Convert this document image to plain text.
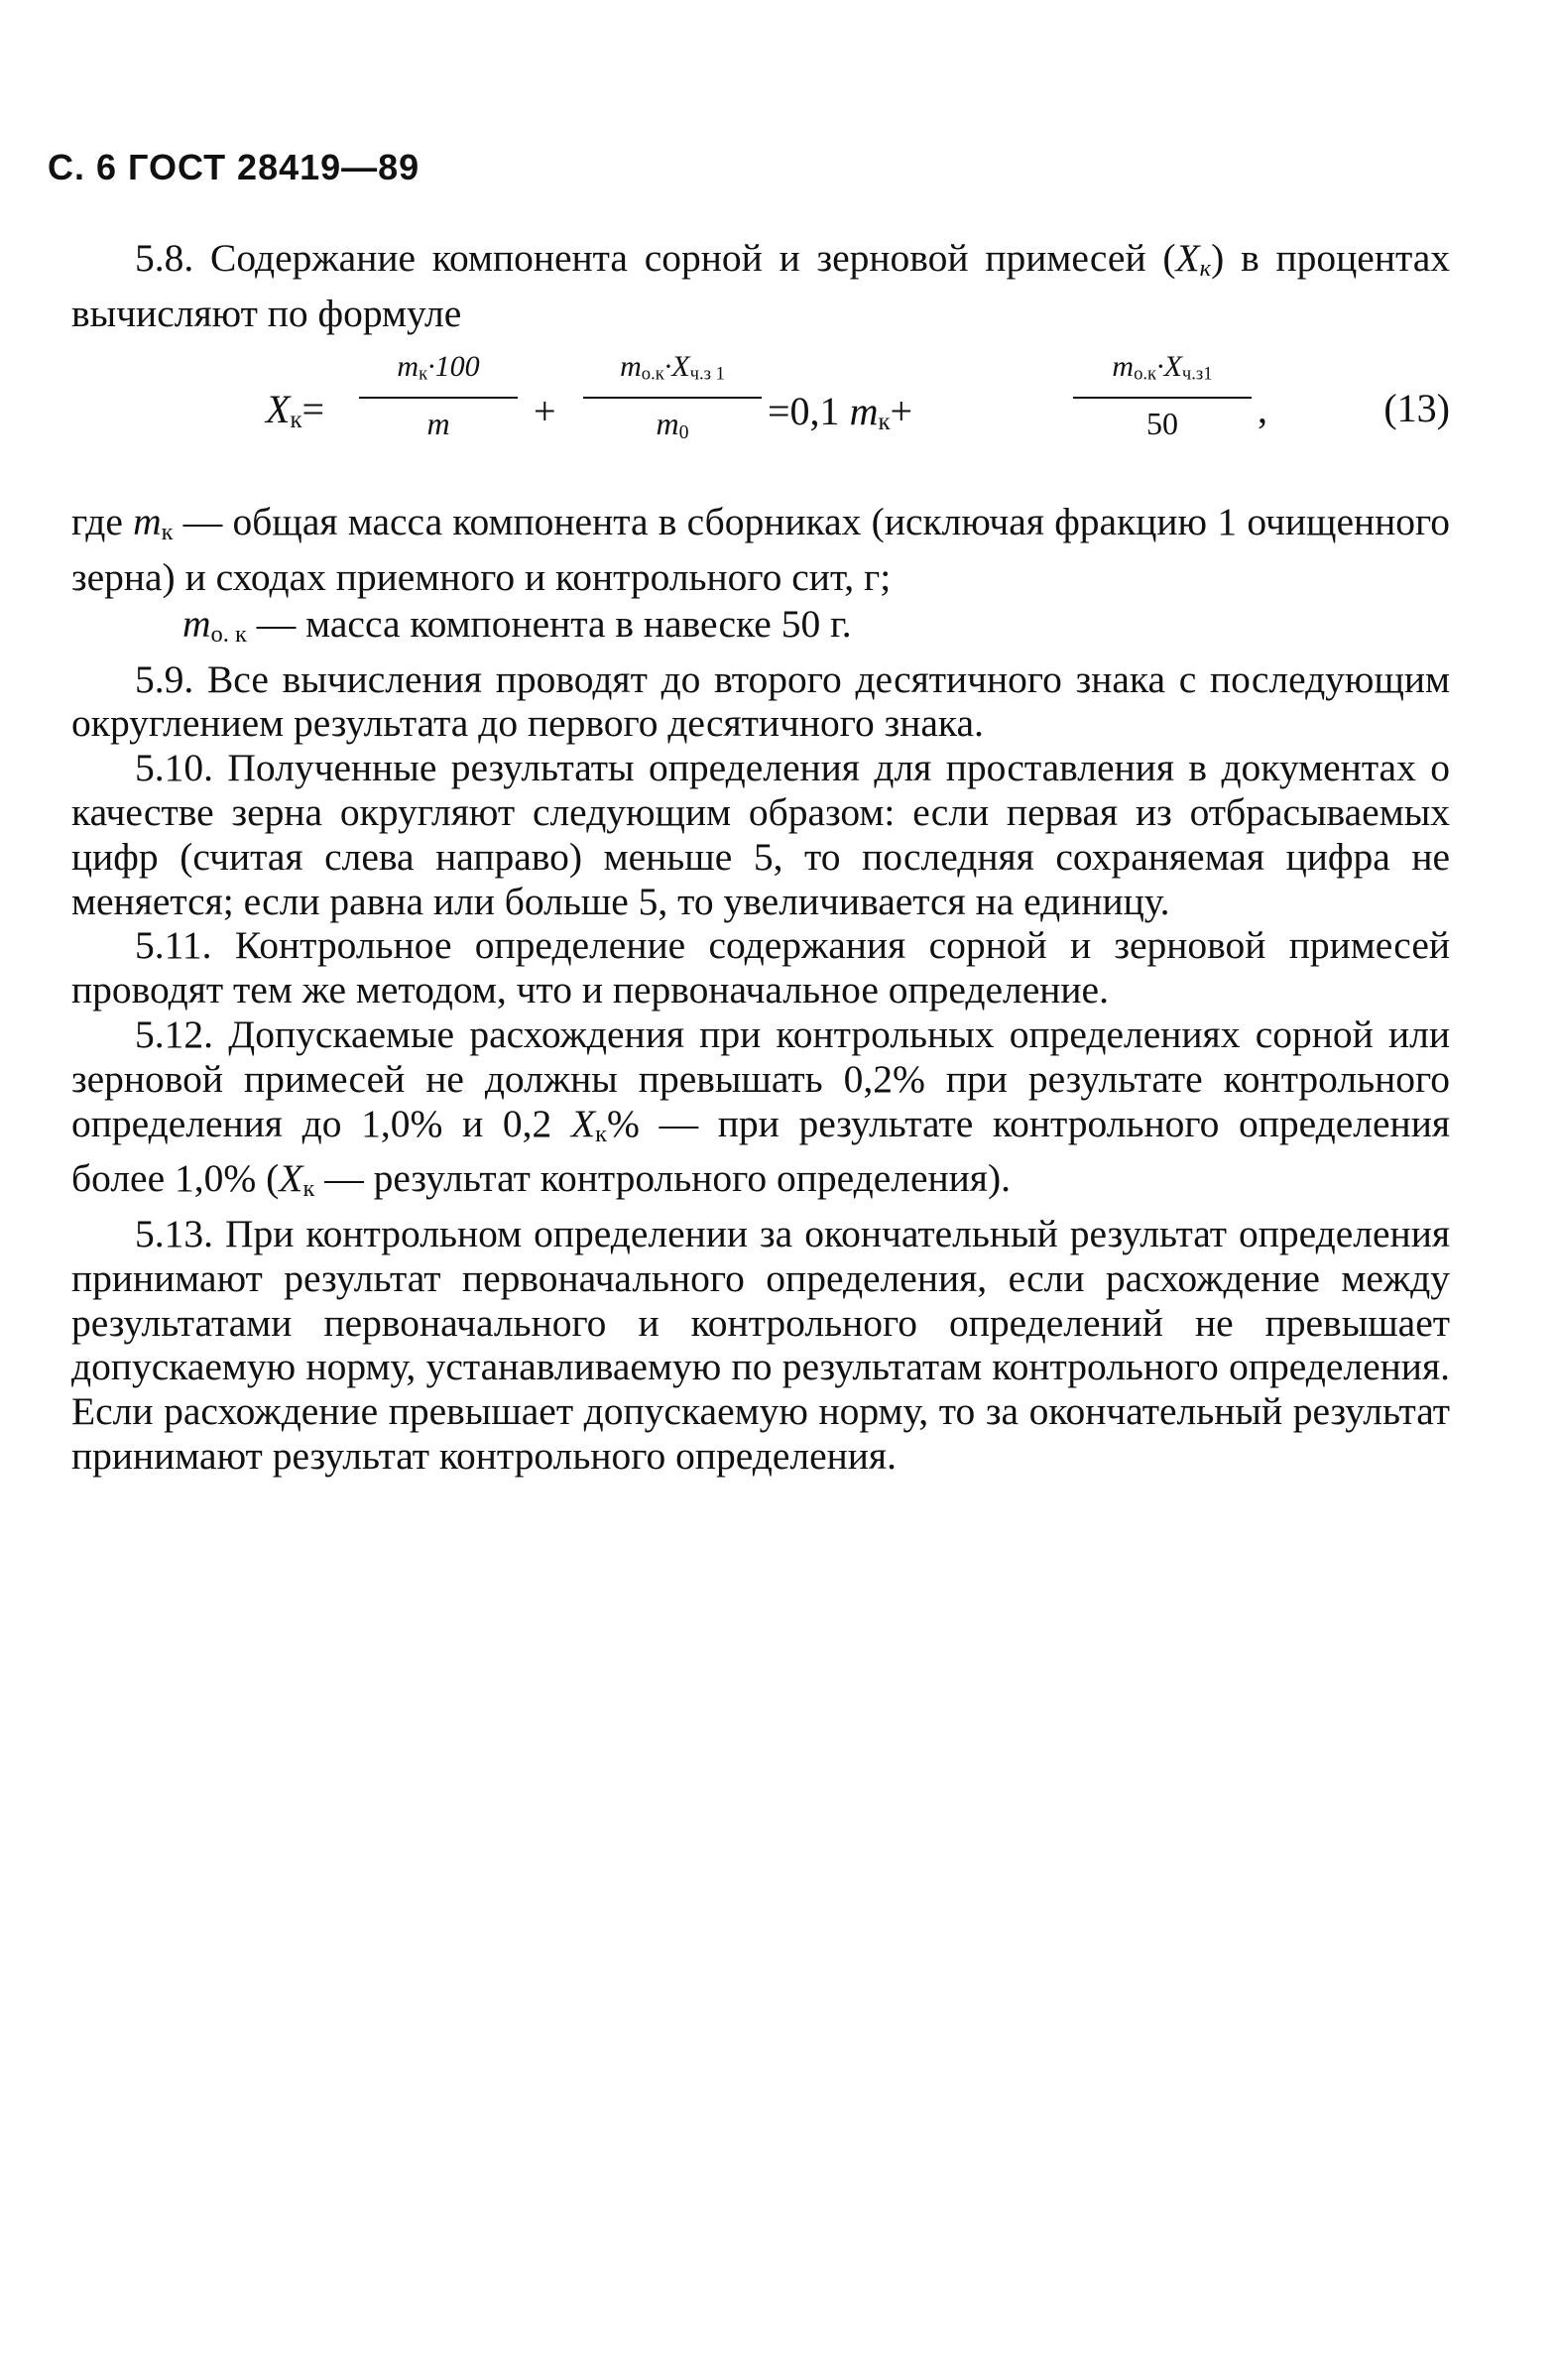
С. 6 ГОСТ 28419—89

5.8. Содержание компонента сорной и зерновой примесей $(X_к)$ в процентах вычисляют по формуле

Xк=
mк·100
m	+
mо.к·Xч.з 1
$m_0$	=0,1 mк+
mо.к·Xч.з1
50	,	(13)

где $m_к$ — общая масса компонента в сборниках (исключая фракцию 1 очищенного зерна) и сходах приемного и контрольного сит, г;

$m_{о. к}$ — масса компонента в навеске 50 г.

5.9. Все вычисления проводят до второго десятичного знака с последующим округлением результата до первого десятичного знака.

5.10. Полученные результаты определения для проставления в документах о качестве зерна округляют следующим образом: если первая из отбрасываемых цифр (считая слева направо) меньше 5, то последняя сохраняемая цифра не меняется; если равна или больше 5, то увеличивается на единицу.

5.11. Контрольное определение содержания сорной и зерновой примесей проводят тем же методом, что и первоначальное определение.

5.12. Допускаемые расхождения при контрольных определениях сорной или зерновой примесей не должны превышать 0,2% при результате контрольного определения до 1,0% и 0,2 $X_к\%$ — при результате контрольного определения более 1,0% ($X_к$ — результат контрольного определения).

5.13. При контрольном определении за окончательный результат определения принимают результат первоначального определения, если расхождение между результатами первоначального и контрольного определений не превышает допускаемую норму, устанавливаемую по результатам контрольного определения. Если расхождение превышает допускаемую норму, то за окончательный результат принимают результат контрольного определения.
